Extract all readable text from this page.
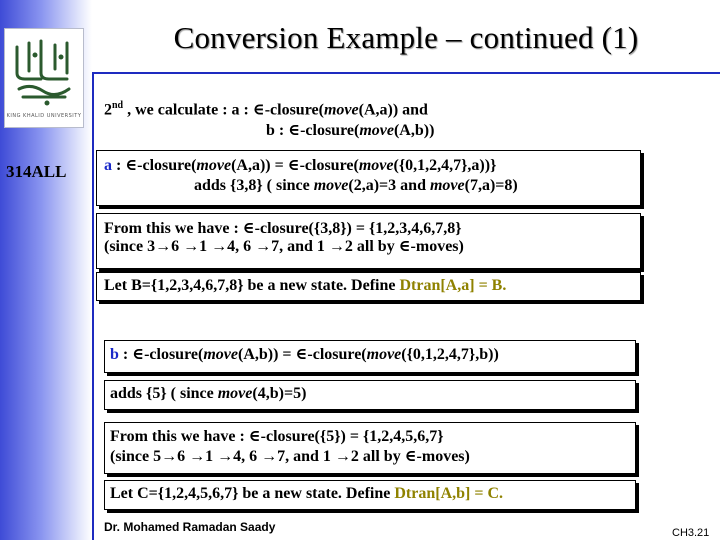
KING KHALID UNIVERSITY
Conversion Example – continued (1)
314ALL
2nd , we calculate : a : ∈-closure(move(A,a)) and
b : ∈-closure(move(A,b))
a : ∈-closure(move(A,a)) = ∈-closure(move({0,1,2,4,7},a))}
adds {3,8} ( since move(2,a)=3 and move(7,a)=8)
From this we have : ∈-closure({3,8}) = {1,2,3,4,6,7,8}
(since 3→6 →1 →4, 6 →7, and 1 →2 all by ∈-moves)
Let B={1,2,3,4,6,7,8} be a new state. Define Dtran[A,a] = B.
b : ∈-closure(move(A,b)) = ∈-closure(move({0,1,2,4,7},b))
adds {5} ( since move(4,b)=5)
From this we have : ∈-closure({5}) = {1,2,4,5,6,7}
(since 5→6 →1 →4, 6 →7, and 1 →2 all by ∈-moves)
Let C={1,2,4,5,6,7} be a new state. Define Dtran[A,b] = C.
Dr. Mohamed Ramadan Saady	CH3.21
